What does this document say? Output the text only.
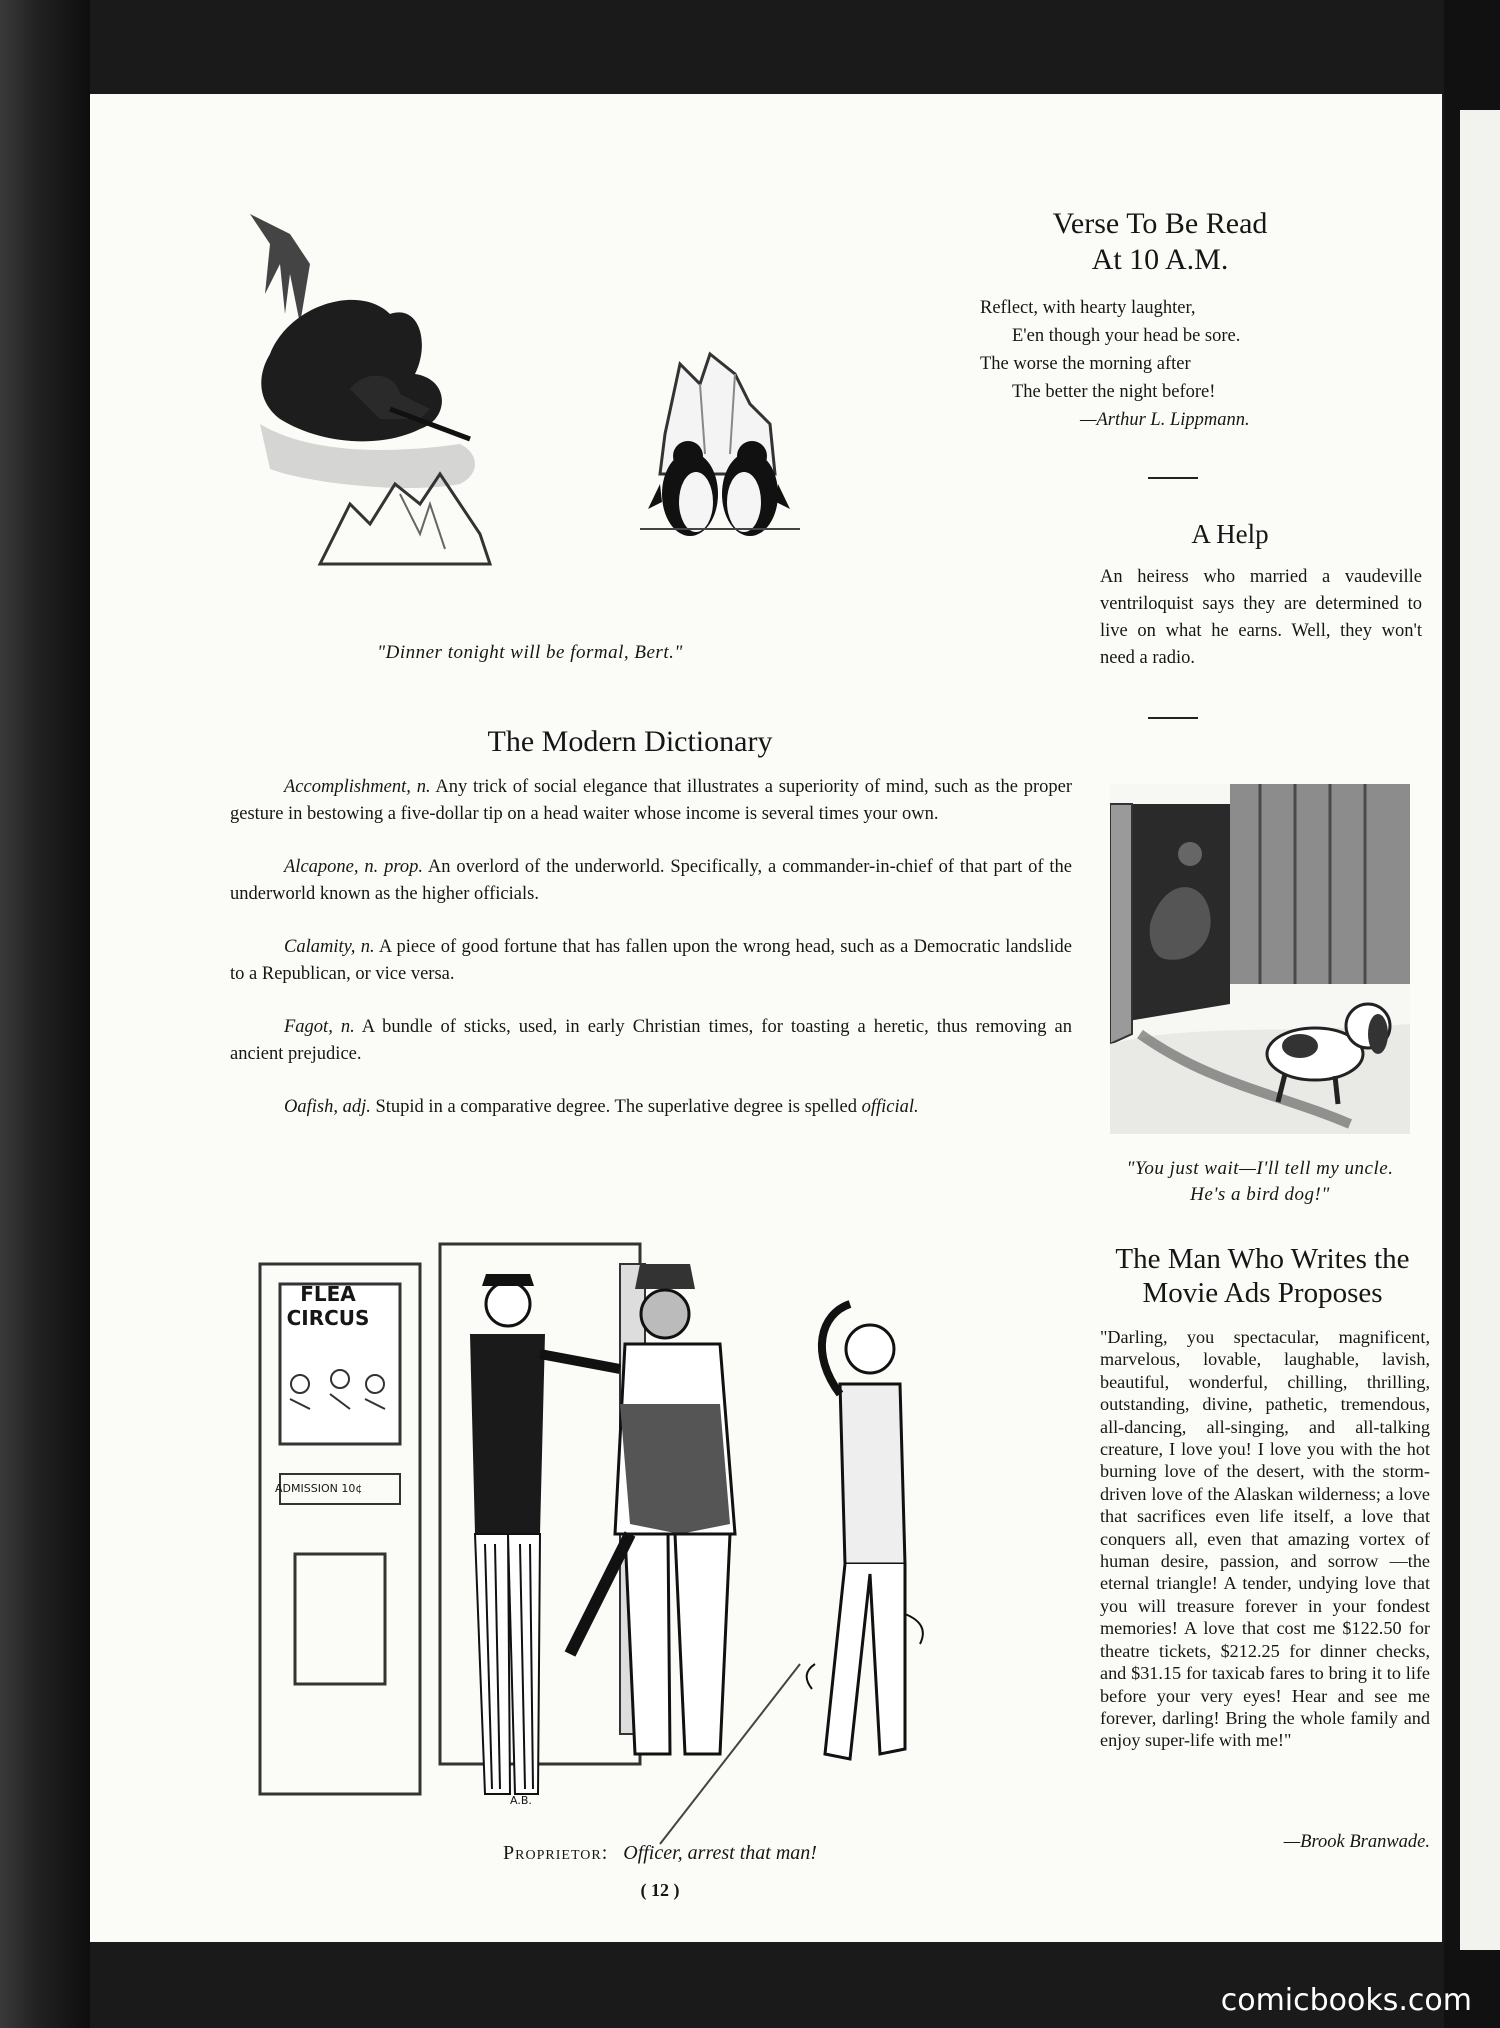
"Dinner tonight will be formal, Bert."
Verse To Be Read
At 10 A.M.
Reflect, with hearty laughter,
E'en though your head be sore.
The worse the morning after
The better the night before!
—Arthur L. Lippmann.
A Help
An heiress who married a vaudeville ventriloquist says they are determined to live on what he earns. Well, they won't need a radio.
"You just wait—I'll tell my uncle.
He's a bird dog!"
The Modern Dictionary

Accomplishment, n. Any trick of social elegance that illustrates a superiority of mind, such as the proper gesture in bestowing a five-dollar tip on a head waiter whose income is several times your own.

Alcapone, n. prop. An overlord of the underworld. Specifically, a commander-in-chief of that part of the underworld known as the higher officials.

Calamity, n. A piece of good fortune that has fallen upon the wrong head, such as a Democratic landslide to a Republican, or vice versa.

Fagot, n. A bundle of sticks, used, in early Christian times, for toasting a heretic, thus removing an ancient prejudice.

Oafish, adj. Stupid in a comparative degree. The superlative degree is spelled official.

FLEA
CIRCUS
ADMISSION 10¢
A.B.
Proprietor: Officer, arrest that man!
( 12 )
The Man Who Writes the
Movie Ads Proposes
"Darling, you spectacular, magnificent, marvelous, lovable, laughable, lavish, beautiful, wonderful, chilling, thrilling, outstanding, divine, pathetic, tremendous, all-dancing, all-singing, and all-talking creature, I love you! I love you with the hot burning love of the desert, with the storm-driven love of the Alaskan wilderness; a love that sacrifices even life itself, a love that conquers all, even that amazing vortex of human desire, passion, and sorrow —the eternal triangle! A tender, undying love that you will treasure forever in your fondest memories! A love that cost me $122.50 for theatre tickets, $212.25 for dinner checks, and $31.15 for taxicab fares to bring it to life before your very eyes! Hear and see me forever, darling! Bring the whole family and enjoy super-life with me!"
—Brook Branwade.
comicbooks.com
